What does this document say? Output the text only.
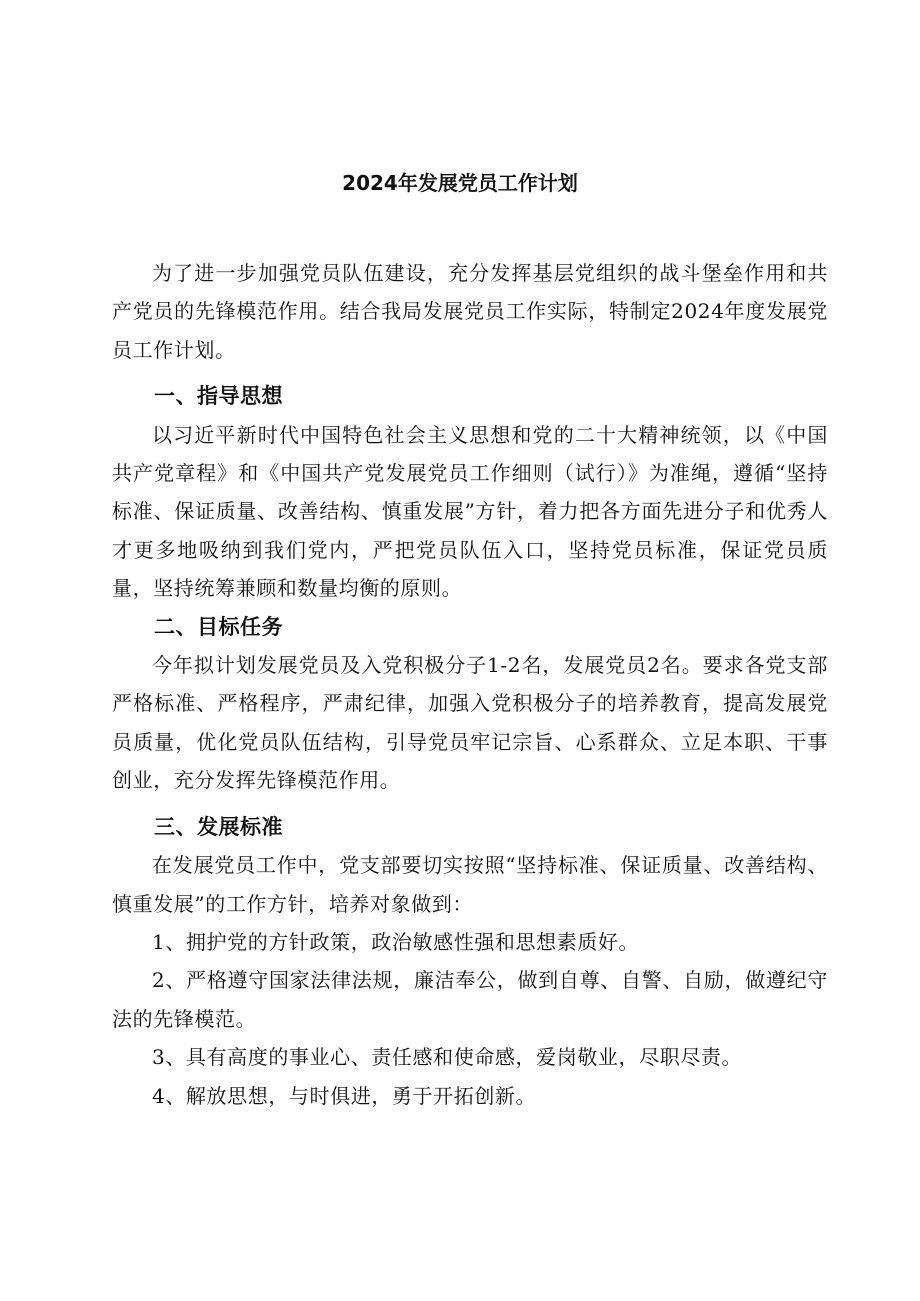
2024年发展党员工作计划

为了进一步加强党员队伍建设，充分发挥基层党组织的战斗堡垒作用和共产党员的先锋模范作用。结合我局发展党员工作实际，特制定2024年度发展党员工作计划。

一、指导思想

以习近平新时代中国特色社会主义思想和党的二十大精神统领，以《中国共产党章程》和《中国共产党发展党员工作细则（试行）》为准绳，遵循“坚持标准、保证质量、改善结构、慎重发展”方针，着力把各方面先进分子和优秀人才更多地吸纳到我们党内，严把党员队伍入口，坚持党员标准，保证党员质量，坚持统筹兼顾和数量均衡的原则。

二、目标任务

今年拟计划发展党员及入党积极分子1-2名，发展党员2名。要求各党支部严格标准、严格程序，严肃纪律，加强入党积极分子的培养教育，提高发展党员质量，优化党员队伍结构，引导党员牢记宗旨、心系群众、立足本职、干事创业，充分发挥先锋模范作用。

三、发展标准

在发展党员工作中，党支部要切实按照“坚持标准、保证质量、改善结构、慎重发展”的工作方针，培养对象做到：

1、拥护党的方针政策，政治敏感性强和思想素质好。

2、严格遵守国家法律法规，廉洁奉公，做到自尊、自警、自励，做遵纪守法的先锋模范。

3、具有高度的事业心、责任感和使命感，爱岗敬业，尽职尽责。

4、解放思想，与时俱进，勇于开拓创新。
